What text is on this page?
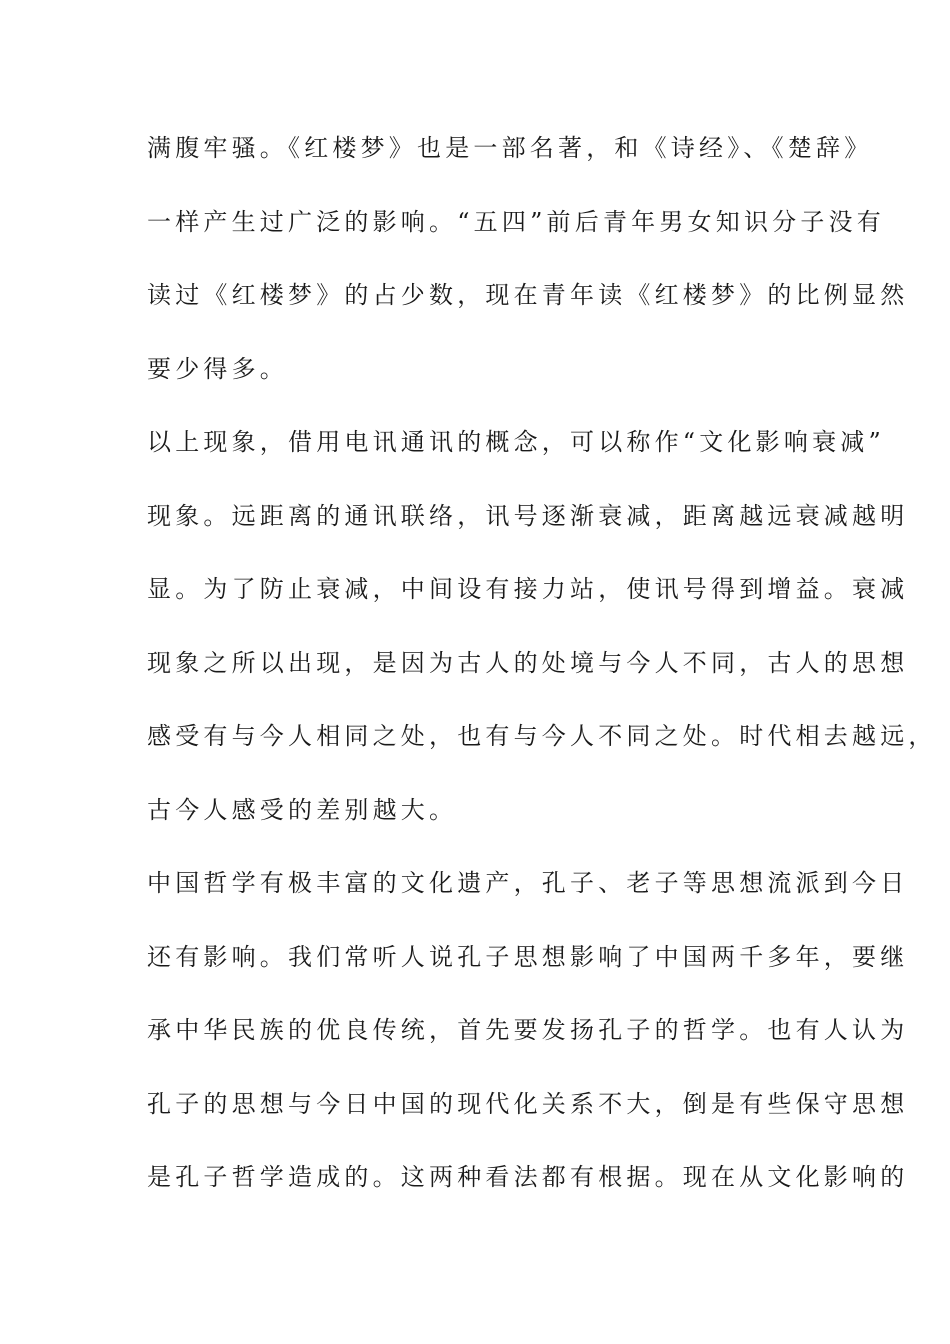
满腹牢骚。《红楼梦》也是一部名著，和《诗经》、《楚辞》
一样产生过广泛的影响。“五四”前后青年男女知识分子没有
读过《红楼梦》的占少数，现在青年读《红楼梦》的比例显然
要少得多。
以上现象，借用电讯通讯的概念，可以称作“文化影响衰减”
现象。远距离的通讯联络，讯号逐渐衰减，距离越远衰减越明
显。为了防止衰减，中间设有接力站，使讯号得到增益。衰减
现象之所以出现，是因为古人的处境与今人不同，古人的思想
感受有与今人相同之处，也有与今人不同之处。时代相去越远，
古今人感受的差别越大。
中国哲学有极丰富的文化遗产，孔子、老子等思想流派到今日
还有影响。我们常听人说孔子思想影响了中国两千多年，要继
承中华民族的优良传统，首先要发扬孔子的哲学。也有人认为
孔子的思想与今日中国的现代化关系不大，倒是有些保守思想
是孔子哲学造成的。这两种看法都有根据。现在从文化影响的
